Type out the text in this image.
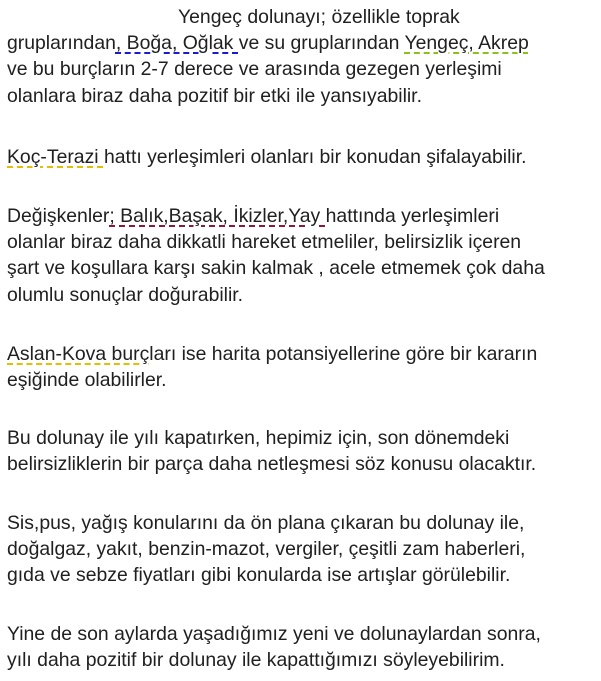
Yengeç dolunayı; özellikle toprak
gruplarından, Boğa, Oğlak ve su gruplarından Yengeç, Akrep
ve bu burçların 2-7 derece ve arasında gezegen yerleşimi
olanlara biraz daha pozitif bir etki ile yansıyabilir.
Koç-Terazi hattı yerleşimleri olanları bir konudan şifalayabilir.
Değişkenler; Balık,Başak, İkizler,Yay hattında yerleşimleri
olanlar biraz daha dikkatli hareket etmeliler, belirsizlik içeren
şart ve koşullara karşı sakin kalmak , acele etmemek çok daha
olumlu sonuçlar doğurabilir.
Aslan-Kova burçları ise harita potansiyellerine göre bir kararın
eşiğinde olabilirler.
Bu dolunay ile yılı kapatırken, hepimiz için, son dönemdeki
belirsizliklerin bir parça daha netleşmesi söz konusu olacaktır.
Sis,pus, yağış konularını da ön plana çıkaran bu dolunay ile,
doğalgaz, yakıt, benzin-mazot, vergiler, çeşitli zam haberleri,
gıda ve sebze fiyatları gibi konularda ise artışlar görülebilir.
Yine de son aylarda yaşadığımız yeni ve dolunaylardan sonra,
yılı daha pozitif bir dolunay ile kapattığımızı söyleyebilirim.
